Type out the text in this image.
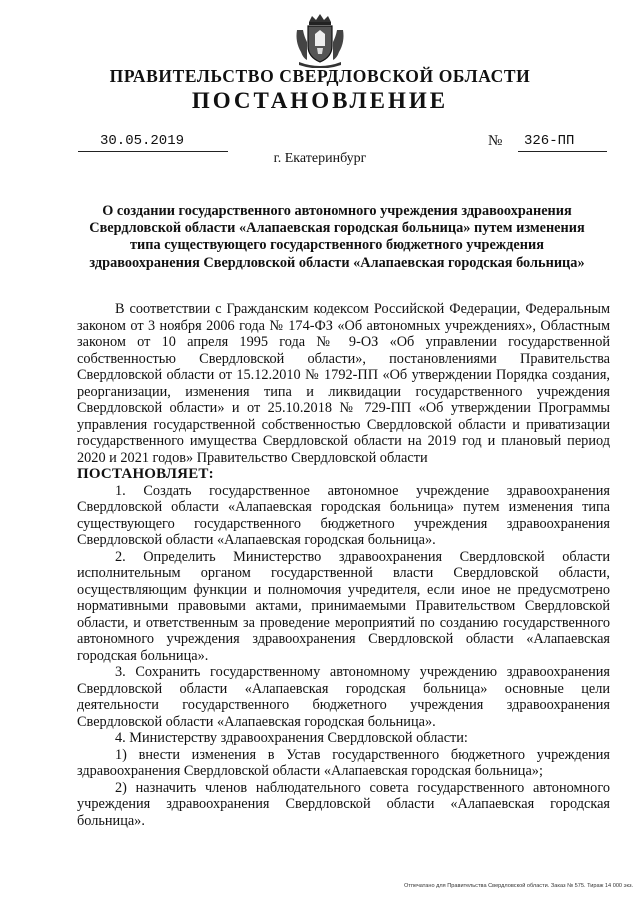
ПРАВИТЕЛЬСТВО СВЕРДЛОВСКОЙ ОБЛАСТИ
ПОСТАНОВЛЕНИЕ
30.05.2019	№	326-ПП
г. Екатеринбург
О создании государственного автономного учреждения здравоохранения Свердловской области «Алапаевская городская больница» путем изменения типа существующего государственного бюджетного учреждения здравоохранения Свердловской области «Алапаевская городская больница»

В соответствии с Гражданским кодексом Российской Федерации, Федеральным законом от 3 ноября 2006 года № 174-ФЗ «Об автономных учреждениях», Областным законом от 10 апреля 1995 года № 9-ОЗ «Об управлении государственной собственностью Свердловской области», постановлениями Правительства Свердловской области от 15.12.2010 № 1792-ПП «Об утверждении Порядка создания, реорганизации, изменения типа и ликвидации государственного учреждения Свердловской области» и от 25.10.2018 № 729-ПП «Об утверждении Программы управления государственной собственностью Свердловской области и приватизации государственного имущества Свердловской области на 2019 год и плановый период 2020 и 2021 годов» Правительство Свердловской области

ПОСТАНОВЛЯЕТ:

1. Создать государственное автономное учреждение здравоохранения Свердловской области «Алапаевская городская больница» путем изменения типа существующего государственного бюджетного учреждения здравоохранения Свердловской области «Алапаевская городская больница».

2. Определить Министерство здравоохранения Свердловской области исполнительным органом государственной власти Свердловской области, осуществляющим функции и полномочия учредителя, если иное не предусмотрено нормативными правовыми актами, принимаемыми Правительством Свердловской области, и ответственным за проведение мероприятий по созданию государственного автономного учреждения здравоохранения Свердловской области «Алапаевская городская больница».

3. Сохранить государственному автономному учреждению здравоохранения Свердловской области «Алапаевская городская больница» основные цели деятельности государственного бюджетного учреждения здравоохранения Свердловской области «Алапаевская городская больница».

4. Министерству здравоохранения Свердловской области:

1) внести изменения в Устав государственного бюджетного учреждения здравоохранения Свердловской области «Алапаевская городская больница»;

2) назначить членов наблюдательного совета государственного автономного учреждения здравоохранения Свердловской области «Алапаевская городская больница».

Отпечатано для Правительства Свердловской области. Заказ № 575. Тираж 14 000 экз.
